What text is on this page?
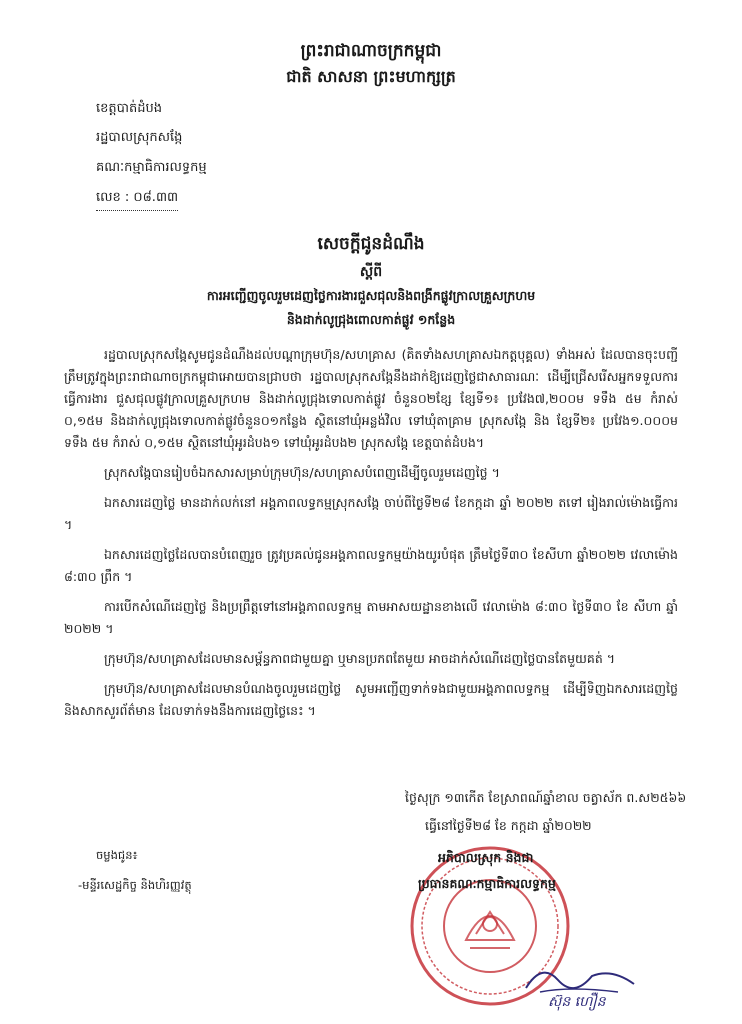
ព្រះរាជាណាចក្រកម្ពុជា
ជាតិ សាសនា ព្រះមហាក្សត្រ
ខេត្តបាត់ដំបង
រដ្ឋបាលស្រុកសង្កែ
គណៈកម្មាធិការលទ្ធកម្ម
លេខ : ០៨.៣៣
សេចក្តីជូនដំណឹង
ស្តីពី
ការអញ្ជើញចូលរួមដេញថ្លៃការងារជួសជុលនិងពង្រីកផ្លូវក្រាលគ្រួសក្រហម
និងដាក់លូជ្រុងពោលកាត់ផ្លូវ ១កន្លែង

រដ្ឋបាលស្រុកសង្កែសូមជូនដំណឹងដល់បណ្តាក្រុមហ៊ុន/សហគ្រាស (គិតទាំងសហគ្រាសឯកត្តបុគ្គល) ទាំងអស់ ដែលបានចុះបញ្ជីត្រឹមត្រូវក្នុងព្រះរាជាណាចក្រកម្ពុជាអោយបានជ្រាបថា រដ្ឋបាលស្រុកសង្កែនឹងដាក់ឱ្យដេញថ្លៃជាសាធារណៈ ដើម្បីជ្រើសរើសអ្នកទទួលការ ធ្វើការងារ ជួសជុលផ្លូវក្រាលគ្រួសក្រហម និងដាក់លូជ្រុងទោលកាត់ផ្លូវ ចំនួន០២ខ្សែ ខ្សែទី១៖ ប្រវែង៧,២០០ម ទទឹង ៥ម កំរាស់ ០,១៥ម និងដាក់លូជ្រុងទោលកាត់ផ្លូវចំនួន០១កន្លែង ស្ថិតនៅឃុំអន្លង់វិល ទៅឃុំតាគ្រាម ស្រុកសង្កែ និង ខ្សែទី២៖ ប្រវែង១.០០០ម ទទឹង ៥ម កំរាស់ ០,១៥ម ស្ថិតនៅឃុំអូរដំបង១ ទៅឃុំអូរដំបង២ ស្រុកសង្កែ ខេត្តបាត់ដំបង។

ស្រុកសង្កែបានរៀបចំឯកសារសម្រាប់ក្រុមហ៊ុន/សហគ្រាសបំពេញដើម្បីចូលរួមដេញថ្លៃ ។

ឯកសារដេញថ្លៃ មានដាក់លក់នៅ អង្គភាពលទ្ធកម្មស្រុកសង្កែ ចាប់ពីថ្ងៃទី២៨ ខែកក្កដា ឆ្នាំ ២០២២ តទៅ រៀងរាល់ម៉ោងធ្វើការ ។

ឯកសារដេញថ្លៃដែលបានបំពេញរួច ត្រូវប្រគល់ជូនអង្គភាពលទ្ធកម្មយ៉ាងយូរបំផុត ត្រឹមថ្ងៃទី៣០ ខែសីហា ឆ្នាំ២០២២ វេលាម៉ោង ៨:៣០ ព្រឹក ។

ការបើកសំណើដេញថ្លៃ និងប្រព្រឹត្តទៅនៅអង្គភាពលទ្ធកម្ម តាមអាសយដ្ឋានខាងលើ វេលាម៉ោង ៨:៣០ ថ្ងៃទី៣០ ខែ សីហា ឆ្នាំ ២០២២ ។

ក្រុមហ៊ុន/សហគ្រាសដែលមានសម្ព័ន្ធភាពជាមួយគ្នា ឬមានប្រភពតែមួយ អាចដាក់សំណើដេញថ្លៃបានតែមួយគត់ ។

ក្រុមហ៊ុន/សហគ្រាសដែលមានបំណងចូលរួមដេញថ្លៃ សូមអញ្ជើញទាក់ទងជាមួយអង្គភាពលទ្ធកម្ម ដើម្បីទិញឯកសារដេញថ្លៃ និងសាកសួរព័ត៌មាន ដែលទាក់ទងនឹងការដេញថ្លៃនេះ ។

ថ្ងៃសុក្រ ១៣កើត ខែស្រាពណ៍ឆ្នាំខាល ចត្វាស័ក ព.ស២៥៦៦
ធ្វើនៅថ្ងៃទី២៨ ខែ កក្កដា ឆ្នាំ២០២២
អភិបាលស្រុក និងជា
ប្រធានគណៈកម្មាធិការលទ្ធកម្ម
ចម្លងជូន៖
-មន្ទីរសេដ្ឋកិច្ច និងហិរញ្ញវត្ថុ
ស៊ុន ហឿន
